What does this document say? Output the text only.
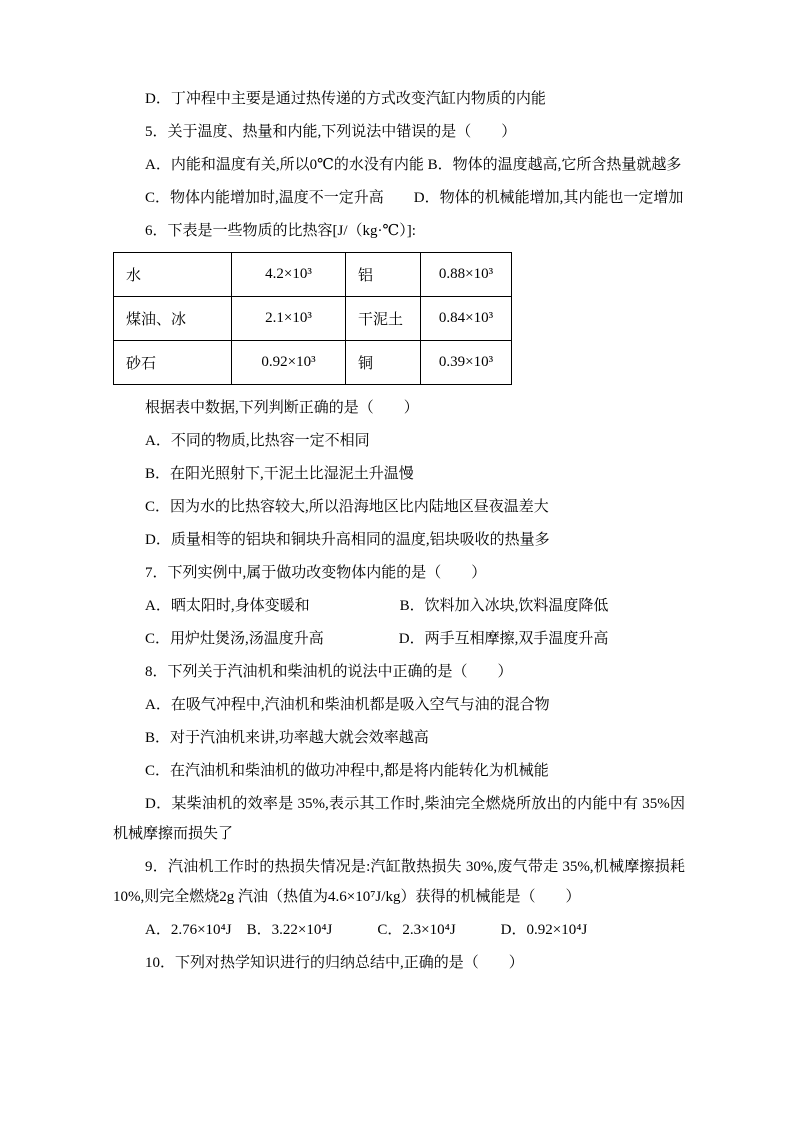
D．丁冲程中主要是通过热传递的方式改变汽缸内物质的内能

5．关于温度、热量和内能,下列说法中错误的是（　　）

A．内能和温度有关,所以0℃的水没有内能 B．物体的温度越高,它所含热量就越多

C．物体内能增加时,温度不一定升高　　D．物体的机械能增加,其内能也一定增加

6．下表是一些物质的比热容[J/（kg·℃）]:

水	4.2×10³	铝	0.88×10³
煤油、冰	2.1×10³	干泥土	0.84×10³
砂石	0.92×10³	铜	0.39×10³

根据表中数据,下列判断正确的是（　　）

A．不同的物质,比热容一定不相同

B．在阳光照射下,干泥土比湿泥土升温慢

C．因为水的比热容较大,所以沿海地区比内陆地区昼夜温差大

D．质量相等的铝块和铜块升高相同的温度,铝块吸收的热量多

7．下列实例中,属于做功改变物体内能的是（　　）

A．晒太阳时,身体变暖和　　　　　　B．饮料加入冰块,饮料温度降低

C．用炉灶煲汤,汤温度升高　　　　　D．两手互相摩擦,双手温度升高

8．下列关于汽油机和柴油机的说法中正确的是（　　）

A．在吸气冲程中,汽油机和柴油机都是吸入空气与油的混合物

B．对于汽油机来讲,功率越大就会效率越高

C．在汽油机和柴油机的做功冲程中,都是将内能转化为机械能

D．某柴油机的效率是 35%,表示其工作时,柴油完全燃烧所放出的内能中有 35%因机械摩擦而损失了

9．汽油机工作时的热损失情况是:汽缸散热损失 30%,废气带走 35%,机械摩擦损耗10%,则完全燃烧2g 汽油（热值为4.6×10⁷J/kg）获得的机械能是（　　）

A．2.76×10⁴J　B．3.22×10⁴J　　　C．2.3×10⁴J　　　D．0.92×10⁴J

10．下列对热学知识进行的归纳总结中,正确的是（　　）
